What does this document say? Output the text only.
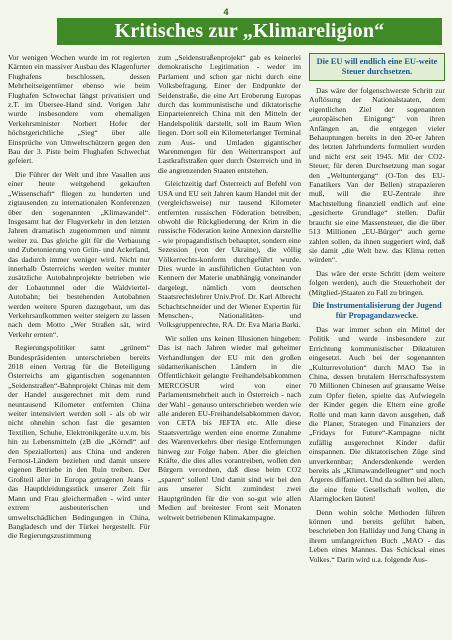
4
Kritisches zur „Klimareligion“

Vor wenigen Wochen wurde im rot regierten Kärnten ein massiver Ausbau des Klagenfurter Flughafens beschlossen, dessen Mehrheitseigentümer ebenso wie beim Flughafen Schwechat längst privatisiert und z.T. im Übersee-Hand sind. Vorigen Jahr wurde insbesondere vom ehemaligen Verkehrsminister Norbert Hofer der höchstgerichtliche „Sieg“ über alle Einsprüche von Umweltschützern gegen den Bau der 3. Piste beim Flughafen Schwechat gefeiert.

Die Führer der Welt und ihre Vasallen aus einer heute weitgehend gekauften „Wissenschaft“ fliegen zu hunderten und zigtausenden zu internationalen Konferenzen über den sogenannten „Klimawandel“. Insgesamt hat der Flugverkehr in den letzten Jahren dramatisch zugenommen und nimmt weiter zu. Das gleiche gilt für die Verbauung und Zubetonierung von Grün- und Ackerland, das dadurch immer weniger wird. Nicht nur innerhalb Österreichs werden weiter munter zusätzliche Autobahnprojekte betrieben wie der Lobautunnel oder die Waldviertel-Autobahn; bei bestehenden Autobahnen werden weitere Spuren dazugebaut, um das Verkehrsaufkommen weiter steigern zu lassen nach dem Motto „Wer Straßen sät, wird Verkehr ernten“.

Regierungspolitiker samt „grünem“ Bundespräsidenten unterschrieben bereits 2018 einen Vertrag für die Beteiligung Österreichs am gigantischen sogenannten „Seidenstraßen“-Bahnprojekt Chinas mit dem der Handel ausgerechnet mit dem rund neuntausend Kilometer entfernten China weiter intensiviert werden soll - als ob wir nicht ohnehin schon fast die gesamten Textilien, Schuhe, Elektronikgeräte u.v.m. bis hin zu Lebensmitteln (zB die „Körndl“ auf den Speziallorten) aus China und anderen Fernost-Ländern beziehen und damit unsere eigenen Betriebe in den Ruin treiben. Der Großteil aller in Europa getragenen Jeans - das Hauptkleidungsstück unserer Zeit für Mann und Frau gleichermaßen - wird unter extrem ausbeuterischen und umweltschädlichen Bedingungen in China, Bangladesch und der Türkei hergestellt. Für die Regierungszustimmung

zum „Seidenstraßenprojekt“ gab es keinerlei demokratische Legitimation - weder im Parlament und schon gar nicht durch eine Volksbefragung. Einer der Endpunkte der Seidenstraße, die eine Art Eroberung Europas durch das kommunistische und diktatorische Einparteienreich China mit den Mitteln der Handelspolitik darstellt, soll im Raum Wien liegen. Dort soll ein Kilometerlanger Terminal zum Aus- und Umladen gigantischer Warenmengen für den Weitertransport auf Lastkraftstraßen quer durch Österreich und in die angrenzenden Staaten entstehen.

Gleichzeitig darf Österreich auf Befehl von USA und EU seit Jahren kaum Handel mit der (vergleichsweise) nur tausend Kilometer entfernten russischen Föderation betreiben, obwohl die Rückgliederung der Krim in die russische Föderation keine Annexion darstellte - wie propagandistisch behauptet, sondern eine Sezession (von der Ukraine), die völlig Völkerrechts-konform durchgeführt wurde. Dies wurde in ausführlichen Gutachten von Kennern der Materie unabhängig voneinander dargelegt, nämlich vom deutschen Staatsrechtslehrer Univ.Prof. Dr. Karl Albrecht Schachtschneider und der Wiener Expertin für Menschen-, Nationalitäten- und Volksgruppenrechte, RA. Dr. Eva Maria Barki.

Wir sollen uns keinen Illusionen hingeben: Das ist nach Jahren wieder mal geheimer Verhandlungen der EU mit den großen südamerikanischen Ländern in die Öffentlichkeit gelangte Freihandelsabkommen MERCOSUR wird von einer Parlamentsmehrheit auch in Österreich - nach der Wahl - genauso unterschrieben werden wie alle anderen EU-Freihandelsabkommen davor, von CETA bis JEFTA etc. Alle diese Staatsverträge werden eine enorme Zunahme des Warenverkehrs über riesige Entfernungen hinweg zur Folge haben. Aber die gleichen Kräfte, die dies alles vorantreiben, wollen den Bürgern verordnen, daß diese beim CO2 „sparen“ sollen! Und damit sind wir bei den aus unserer Sicht zumindest zwei Hauptgründen für die von so-gut wie allen Medien auf breitester Front seit Monaten weltweit betriebenen Klimakampagne.

Die EU will endlich eine EU-weite Steuer durchsetzen.

Das wäre der folgenschwerste Schritt zur Auflösung der Nationalstaaten, dem eigentlichen Ziel der sogenannten „europäischen Einigung“ von ihren Anfängen an, die entgegen vieler Behauptungen bereits in den 20-er Jahren des letzten Jahrhunderts formuliert wurden und nicht erst seit 1945. Mit der CO2-Steuer, für deren Durchsetzung man sogar den „Weltuntergang“ (O-Ton des EU-Fanatikers Van der Bellen) strapazieren muß, will die EU-Zentrale ihre Machtstellung finanziell endlich auf eine „gesicherte Grundlage“ stellen. Dafür braucht sie eine Massensteuer, die die über 513 Millionen „EU-Bürger“ auch gerne zahlen sollen, da ihnen suggeriert wird, daß sie damit „die Welt bzw. das Klima retten würden“.

Das wäre der erste Schritt (dem weitere folgen werden), auch die Steuerhoheit der (Mitglied-)Staaten zu Fall zu bringen.

Die Instrumentalisierung der Jugend für Propagandazwecke.

Das war immer schon ein Mittel der Politik und wurde insbesondere zur Errichtung kommunistischer Diktaturen eingesetzt. Auch bei der sogenannten „Kulturrevolution“ durch MAO Tse in China, dessen brutalem Herrschaftssystem 70 Millionen Chinesen auf grausame Weise zum Opfer fielen, spielte das Aufwiegeln der Kinder gegen die Eltern eine große Rolle und man kann davon ausgehen, daß die Planer, Strategen und Finanziers der „Fridays for Future“-Kampagne nicht zufällig ausgerechnet Kinder dafür einspannen. Die diktatorischen Züge sind unverkennbar; Andersdenkende werden bereits als „Klimawandelleugner“ und noch Ärgeres diffamiert. Und da sollten bei allen, die eine freie Gesellschaft wollen, die Alarmglocken läuten!

Denn wohin solche Methoden führen können und bereits geführt haben, beschrieben Jon Halliday und Jung Chang in ihrem umfangreichen Buch „MAO - das Leben eines Mannes. Das Schicksal eines Volkes.“ Darin wird u.a. folgende Aus-
